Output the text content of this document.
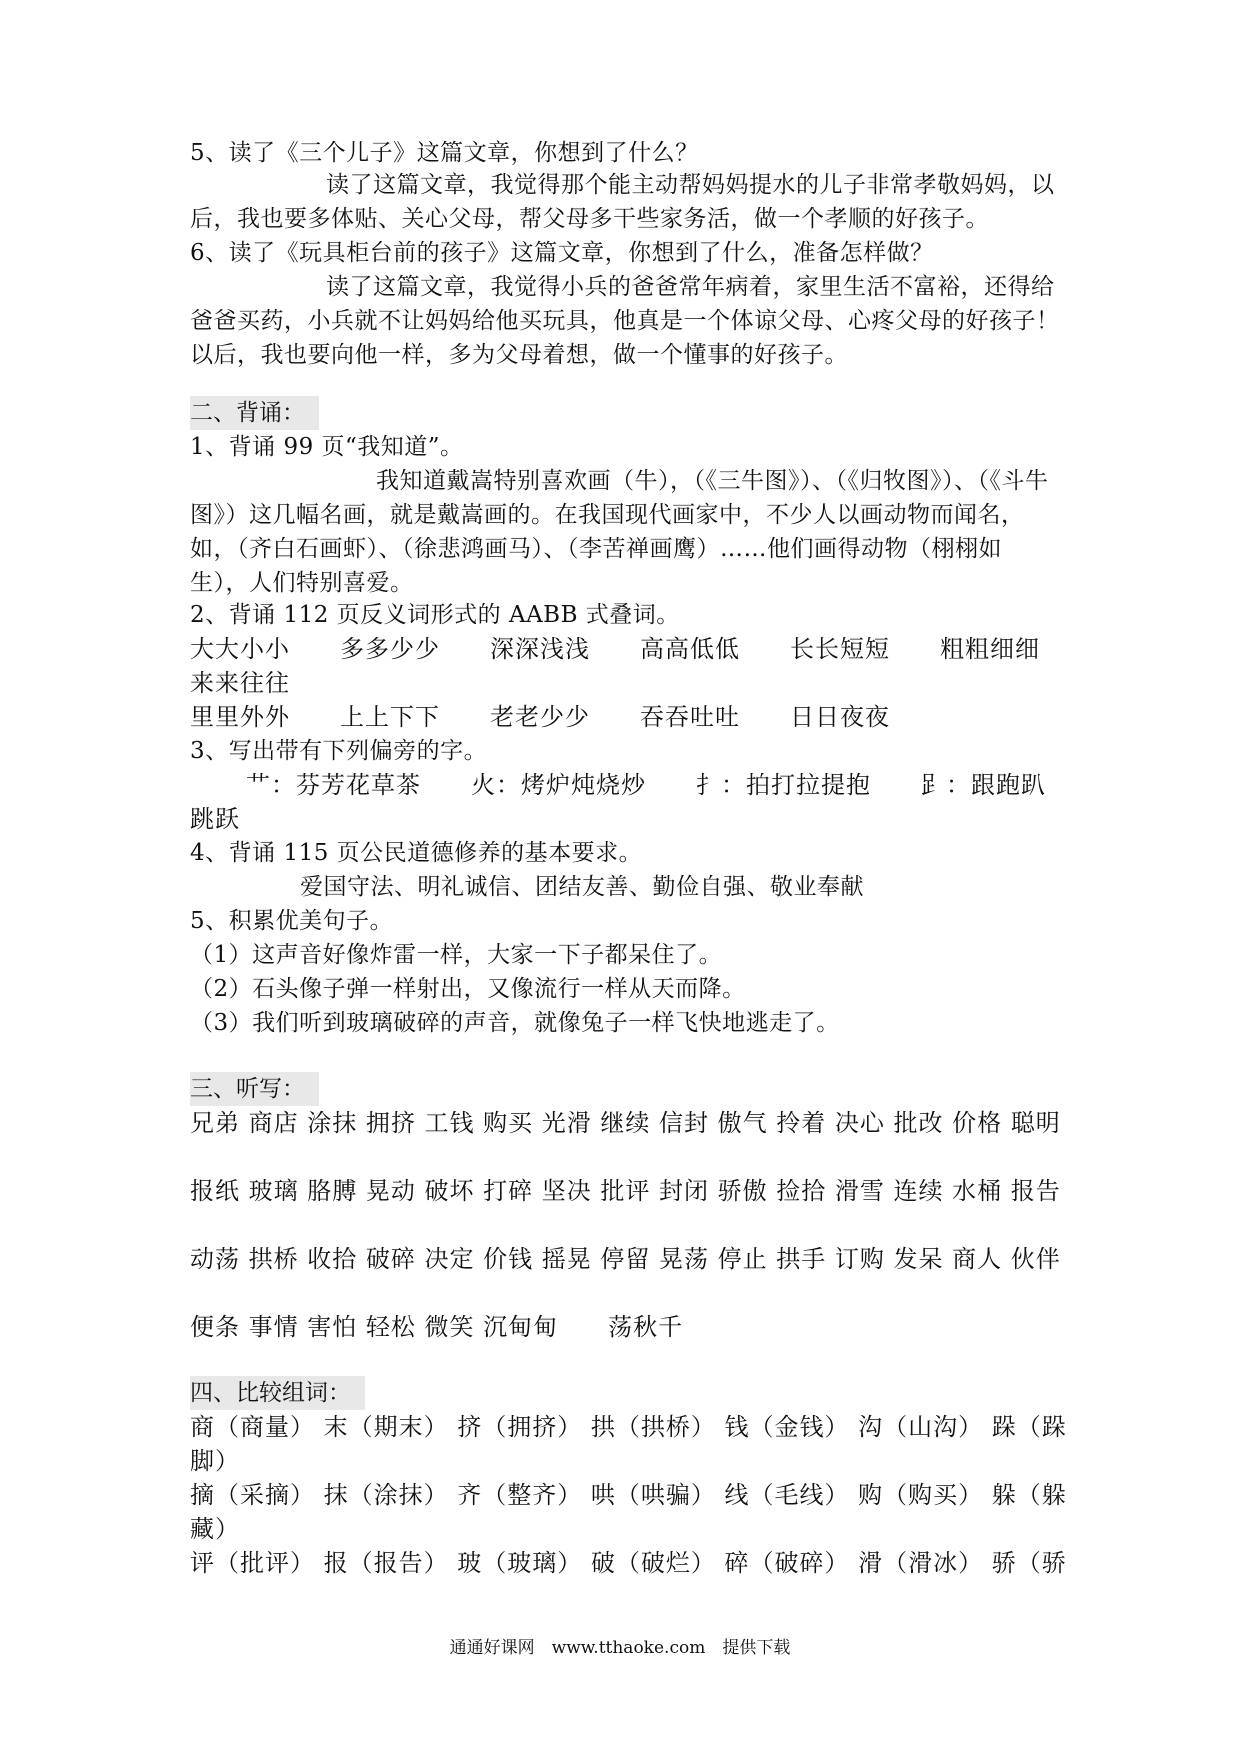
5、读了《三个儿子》这篇文章，你想到了什么？
读了这篇文章，我觉得那个能主动帮妈妈提水的儿子非常孝敬妈妈，以后，我也要多体贴、关心父母，帮父母多干些家务活，做一个孝顺的好孩子。
6、读了《玩具柜台前的孩子》这篇文章，你想到了什么，准备怎样做？
读了这篇文章，我觉得小兵的爸爸常年病着，家里生活不富裕，还得给爸爸买药，小兵就不让妈妈给他买玩具，他真是一个体谅父母、心疼父母的好孩子！以后，我也要向他一样，多为父母着想，做一个懂事的好孩子。
二、背诵：
1、背诵 99 页“我知道”。
我知道戴嵩特别喜欢画（牛），（《三牛图》）、（《归牧图》）、（《斗牛图》）这几幅名画，就是戴嵩画的。在我国现代画家中，不少人以画动物而闻名，如，（齐白石画虾）、（徐悲鸿画马）、（李苦禅画鹰）……他们画得动物（栩栩如生），人们特别喜爱。
2、背诵 112 页反义词形式的 AABB 式叠词。
大大小小　　多多少少　　深深浅浅　　高高低低　　长长短短　　粗粗细细　　来来往往
里里外外　　上上下下　　老老少少　　吞吞吐吐　　日日夜夜
3、写出带有下列偏旁的字。
艹：芬芳花草茶　　火：烤炉炖烧炒　　扌：拍打拉提抱　　𧾷：跟跑趴跳跃
4、背诵 115 页公民道德修养的基本要求。
爱国守法、明礼诚信、团结友善、勤俭自强、敬业奉献
5、积累优美句子。
（1）这声音好像炸雷一样，大家一下子都呆住了。
（2）石头像子弹一样射出，又像流行一样从天而降。
（3）我们听到玻璃破碎的声音，就像兔子一样飞快地逃走了。
三、听写：
兄弟 商店 涂抹 拥挤 工钱 购买 光滑 继续 信封 傲气 拎着 决心 批改 价格 聪明
报纸 玻璃 胳膊 晃动 破坏 打碎 坚决 批评 封闭 骄傲 捡拾 滑雪 连续 水桶 报告
动荡 拱桥 收拾 破碎 决定 价钱 摇晃 停留 晃荡 停止 拱手 订购 发呆 商人 伙伴
便条 事情 害怕 轻松 微笑 沉甸甸　　荡秋千
四、比较组词：
商（商量） 末（期末） 挤（拥挤） 拱（拱桥） 钱（金钱） 沟（山沟） 跺（跺脚）
摘（采摘） 抹（涂抹） 齐（整齐） 哄（哄骗） 线（毛线） 购（购买） 躲（躲藏）
评（批评） 报（报告） 玻（玻璃） 破（破烂） 碎（破碎） 滑（滑冰） 骄（骄
通通好课网　www.tthaoke.com　提供下载
